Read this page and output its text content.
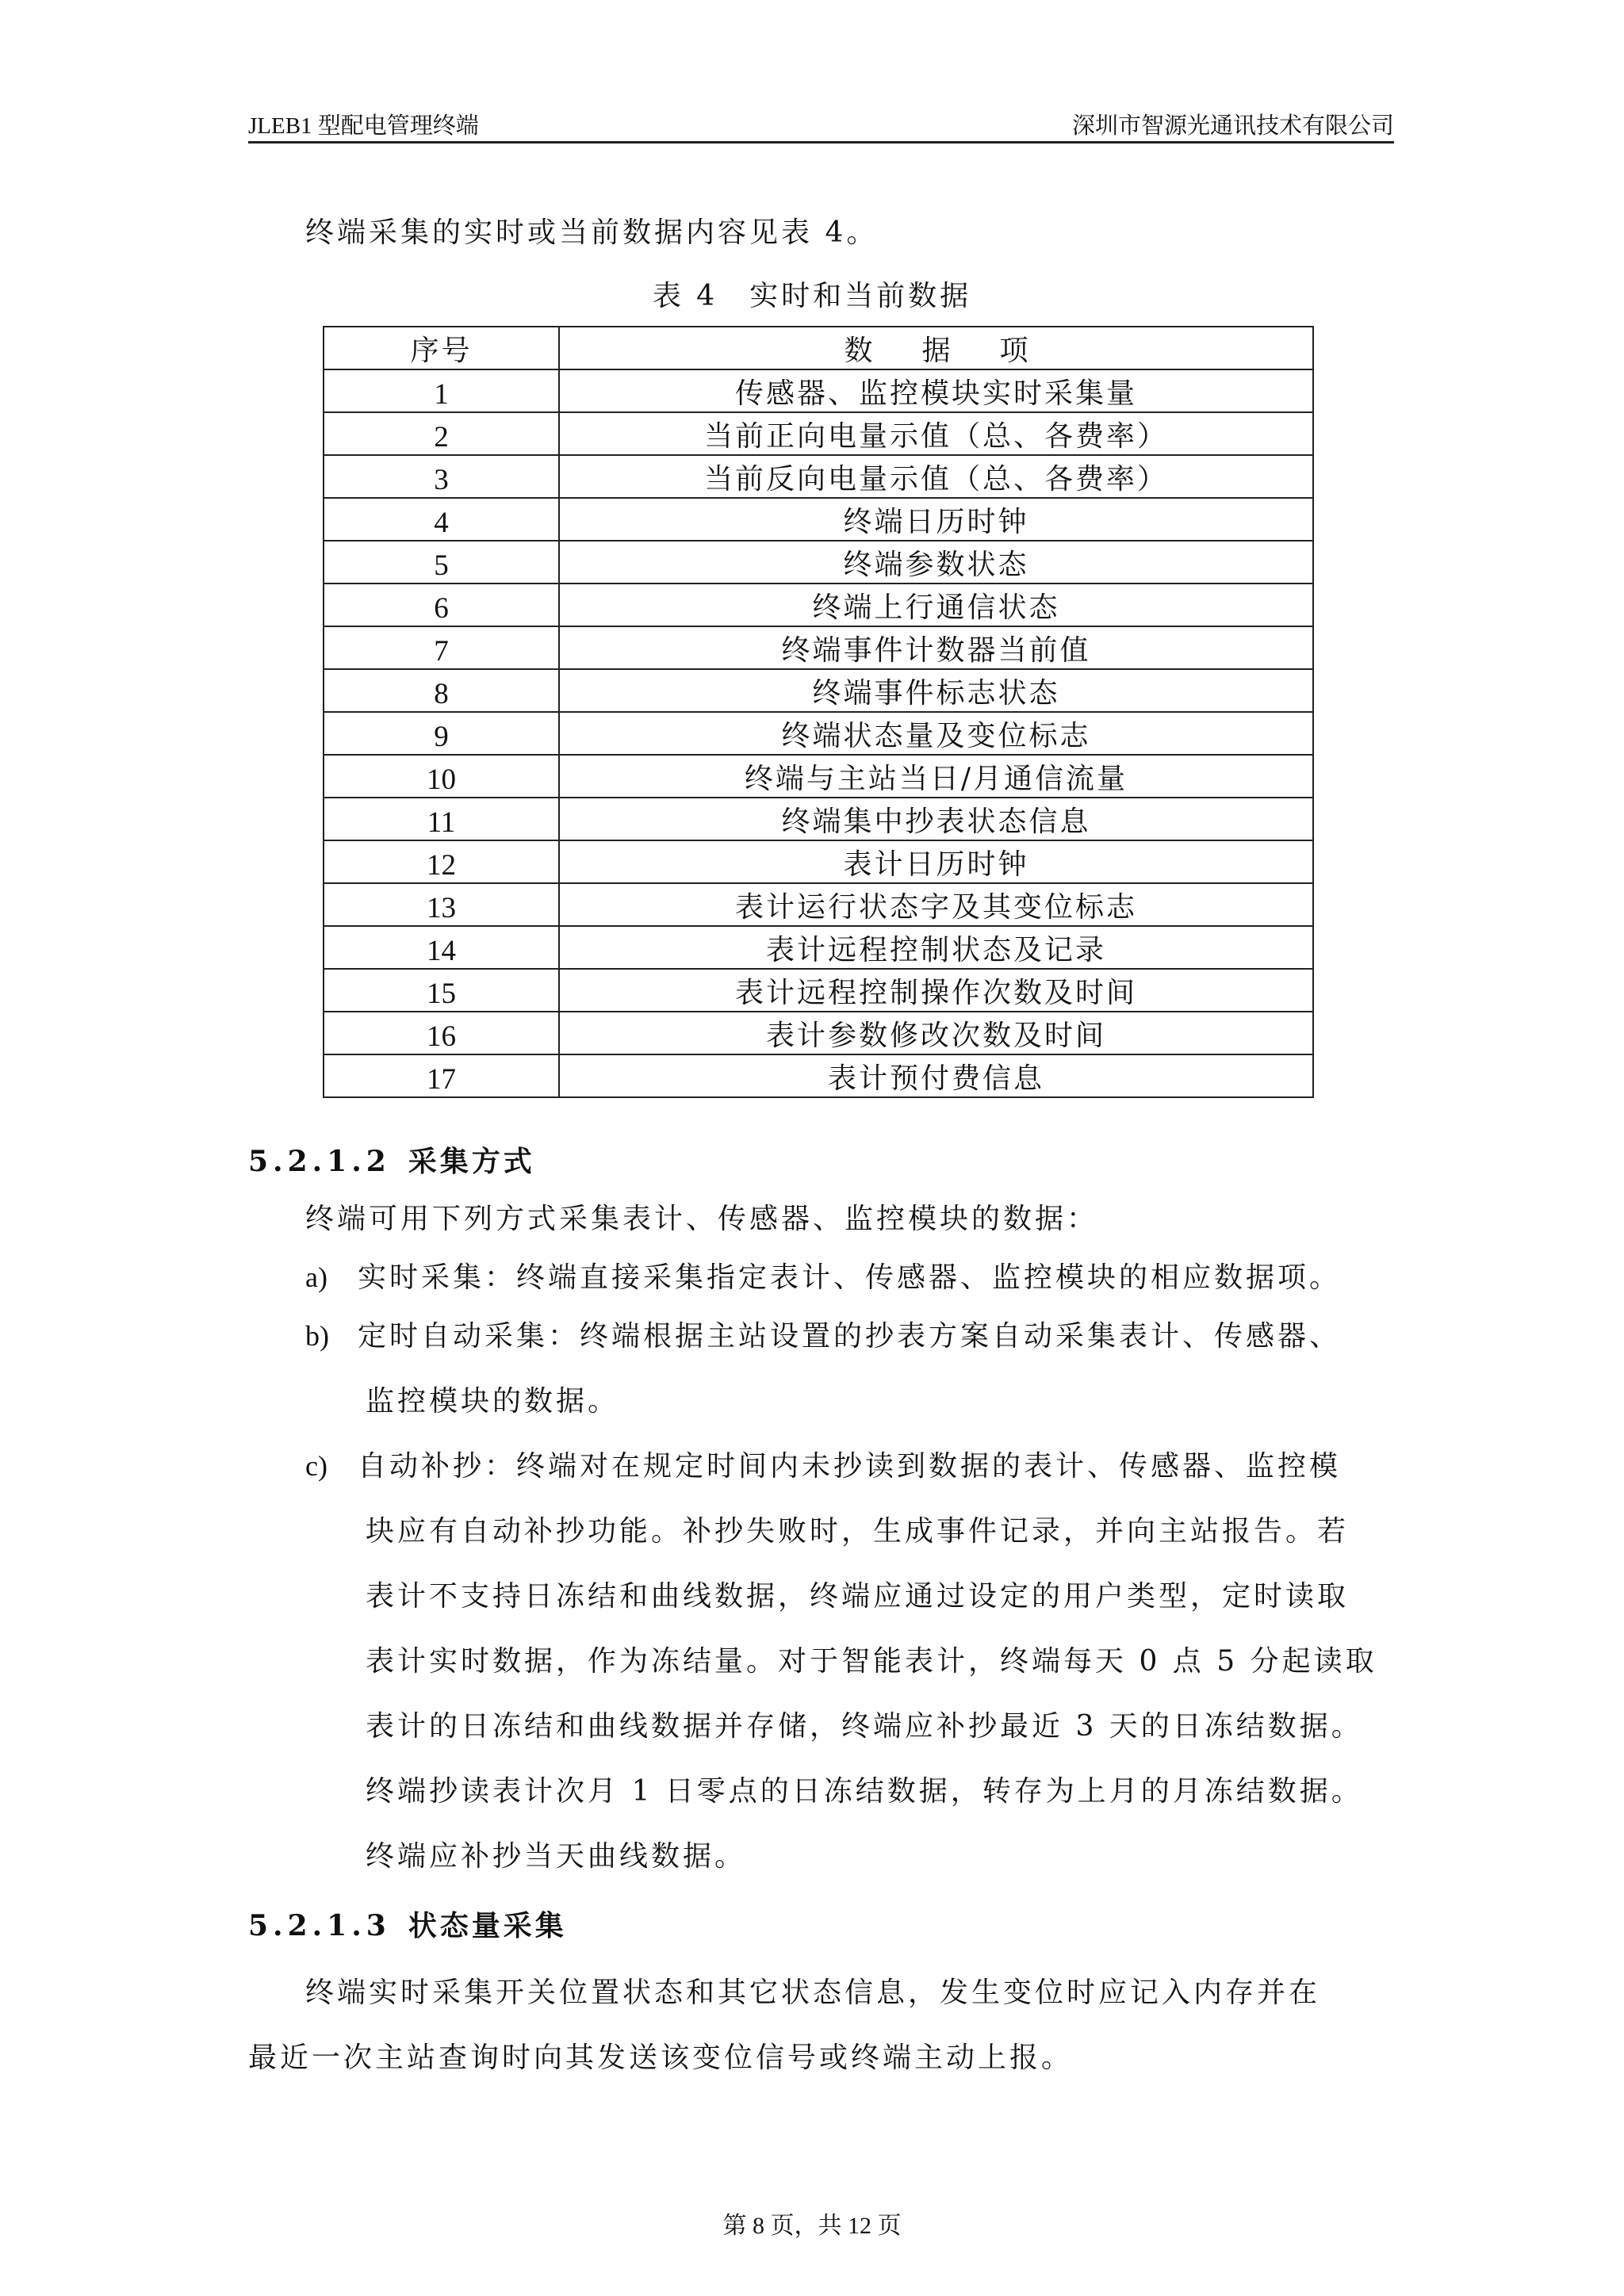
JLEB1 型配电管理终端	深圳市智源光通讯技术有限公司
终端采集的实时或当前数据内容见表 4。
表 4　实时和当前数据
序号	数据项
1	传感器、监控模块实时采集量
2	当前正向电量示值（总、各费率）
3	当前反向电量示值（总、各费率）
4	终端日历时钟
5	终端参数状态
6	终端上行通信状态
7	终端事件计数器当前值
8	终端事件标志状态
9	终端状态量及变位标志
10	终端与主站当日/月通信流量
11	终端集中抄表状态信息
12	表计日历时钟
13	表计运行状态字及其变位标志
14	表计远程控制状态及记录
15	表计远程控制操作次数及时间
16	表计参数修改次数及时间
17	表计预付费信息
5.2.1.2 采集方式
终端可用下列方式采集表计、传感器、监控模块的数据：
a) 实时采集：终端直接采集指定表计、传感器、监控模块的相应数据项。
b) 定时自动采集：终端根据主站设置的抄表方案自动采集表计、传感器、
监控模块的数据。
c) 自动补抄：终端对在规定时间内未抄读到数据的表计、传感器、监控模
块应有自动补抄功能。补抄失败时，生成事件记录，并向主站报告。若
表计不支持日冻结和曲线数据，终端应通过设定的用户类型，定时读取
表计实时数据，作为冻结量。对于智能表计，终端每天 0 点 5 分起读取
表计的日冻结和曲线数据并存储，终端应补抄最近 3 天的日冻结数据。
终端抄读表计次月 1 日零点的日冻结数据，转存为上月的月冻结数据。
终端应补抄当天曲线数据。
5.2.1.3 状态量采集
终端实时采集开关位置状态和其它状态信息，发生变位时应记入内存并在
最近一次主站查询时向其发送该变位信号或终端主动上报。
第 8 页，共 12 页
